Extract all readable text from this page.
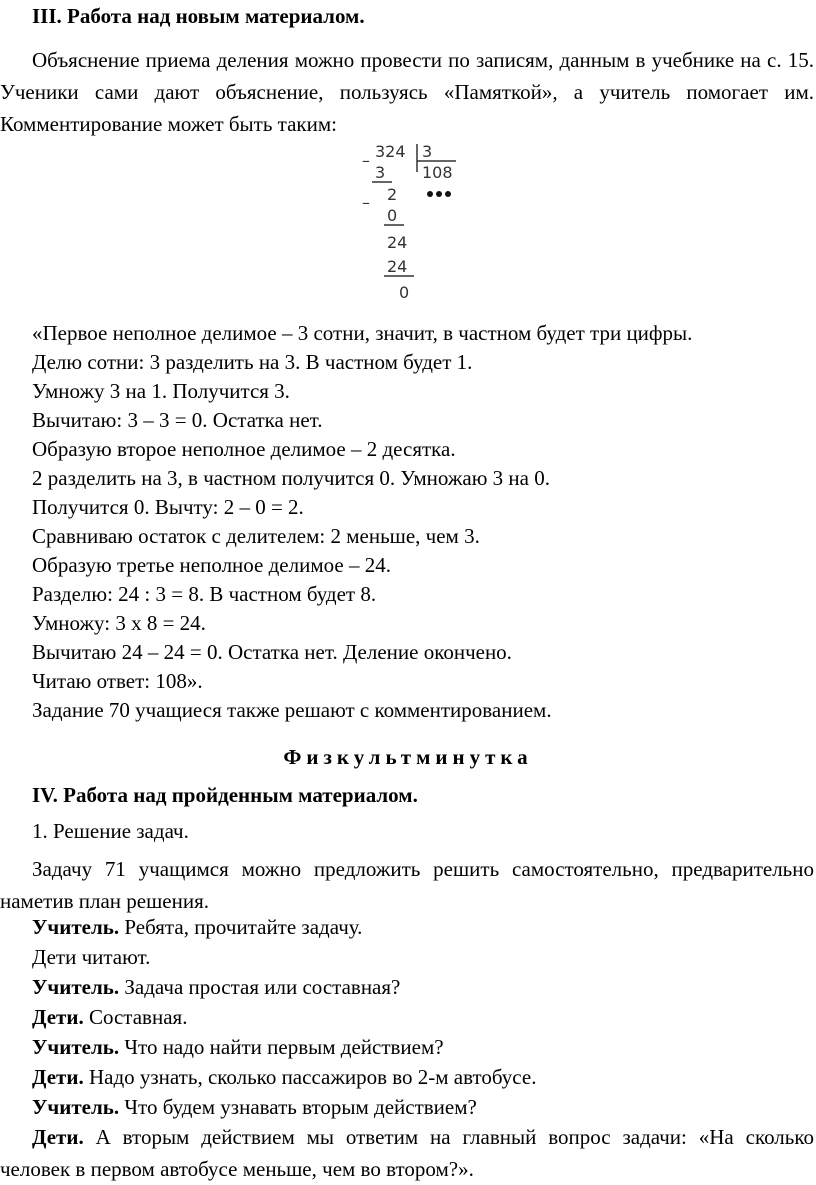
III. Работа над новым материалом.
Объяснение приема деления можно провести по записям, данным в учебнике на с. 15. Ученики сами дают объяснение, пользуясь «Памяткой», а учитель помогает им. Комментирование может быть таким:
– 324 3
108
3
– 2
0
24
24
0
«Первое неполное делимое – 3 сотни, значит, в частном будет три цифры.
Делю сотни: 3 разделить на 3. В частном будет 1.
Умножу 3 на 1. Получится 3.
Вычитаю: 3 – 3 = 0. Остатка нет.
Образую второе неполное делимое – 2 десятка.
2 разделить на 3, в частном получится 0. Умножаю 3 на 0.
Получится 0. Вычту: 2 – 0 = 2.
Сравниваю остаток с делителем: 2 меньше, чем 3.
Образую третье неполное делимое – 24.
Разделю: 24 : 3 = 8. В частном будет 8.
Умножу: 3 х 8 = 24.
Вычитаю 24 – 24 = 0. Остатка нет. Деление окончено.
Читаю ответ: 108».
Задание 70 учащиеся также решают с комментированием.
Физкультминутка
IV. Работа над пройденным материалом.
1. Решение задач.
Задачу 71 учащимся можно предложить решить самостоятельно, предварительно наметив план решения.
Учитель. Ребята, прочитайте задачу.
Дети читают.
Учитель. Задача простая или составная?
Дети. Составная.
Учитель. Что надо найти первым действием?
Дети. Надо узнать, сколько пассажиров во 2-м автобусе.
Учитель. Что будем узнавать вторым действием?
Дети. А вторым действием мы ответим на главный вопрос задачи: «На сколько человек в первом автобусе меньше, чем во втором?».
